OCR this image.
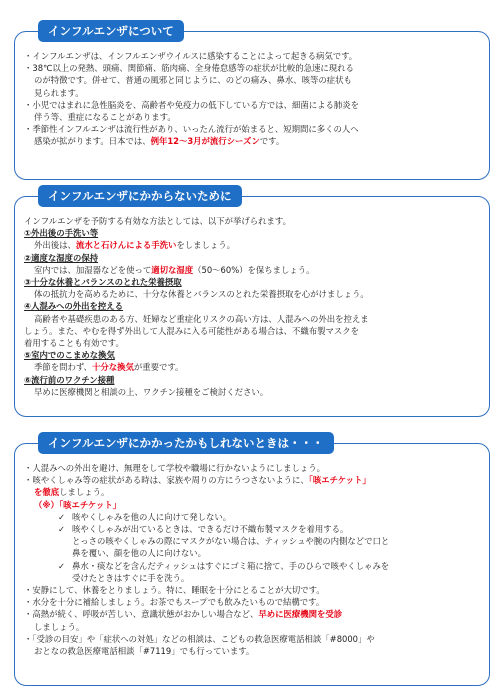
インフルエンザについて

・インフルエンザは、インフルエンザウイルスに感染することによって起きる病気です。

・38℃以上の発熱、頭痛、関節痛、筋肉痛、全身倦怠感等の症状が比較的急速に現れる
のが特徴です。併せて、普通の風邪と同じように、のどの痛み、鼻水、咳等の症状も
見られます。

・小児ではまれに急性脳炎を、高齢者や免疫力の低下している方では、細菌による肺炎を
伴う等、重症になることがあります。

・季節性インフルエンザは流行性があり、いったん流行が始まると、短期間に多くの人へ
感染が拡がります。日本では、例年12～3月が流行シーズンです。

インフルエンザにかからないために

インフルエンザを予防する有効な方法としては、以下が挙げられます。

①外出後の手洗い等

外出後は、流水と石けんによる手洗いをしましょう。

②適度な湿度の保持

室内では、加湿器などを使って適切な湿度（50～60%）を保ちましょう。

③十分な休養とバランスのとれた栄養摂取

体の抵抗力を高めるために、十分な休養とバランスのとれた栄養摂取を心がけましょう。

④人混みへの外出を控える

高齢者や基礎疾患のある方、妊婦など重症化リスクの高い方は、人混みへの外出を控えま
しょう。また、やむを得ず外出して人混みに入る可能性がある場合は、不織布製マスクを
着用することも有効です。

⑤室内でのこまめな換気

季節を問わず、十分な換気が重要です。

⑥流行前のワクチン接種

早めに医療機関と相談の上、ワクチン接種をご検討ください。

インフルエンザにかかったかもしれないときは・・・

・人混みへの外出を避け、無理をして学校や職場に行かないようにしましょう。

・咳やくしゃみ等の症状がある時は、家族や周りの方にうつさないように、「咳エチケット」
を徹底しましょう。

（※）「咳エチケット」

✓ 咳やくしゃみを他の人に向けて発しない。

✓ 咳やくしゃみが出ているときは、できるだけ不織布製マスクを着用する。

とっさの咳やくしゃみの際にマスクがない場合は、ティッシュや腕の内側などで口と
鼻を覆い、顔を他の人に向けない。

✓ 鼻水・痰などを含んだティッシュはすぐにゴミ箱に捨て、手のひらで咳やくしゃみを

受けたときはすぐに手を洗う。

・安静にして、休養をとりましょう。特に、睡眠を十分にとることが大切です。

・水分を十分に補給しましょう。お茶でもスープでも飲みたいもので結構です。

・高熱が続く、呼吸が苦しい、意識状態がおかしい場合など、早めに医療機関を受診
しましょう。

・「受診の目安」や「症状への対処」などの相談は、こどもの救急医療電話相談「#8000」や
おとなの救急医療電話相談「#7119」でも行っています。
